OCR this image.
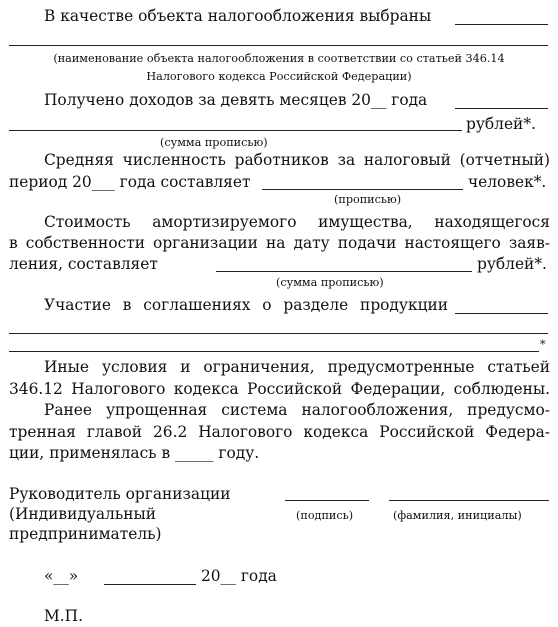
В качестве объекта налогообложения выбраны
(наименование объекта налогообложения в соответствии со статьей 346.14
Налогового кодекса Российской Федерации)
Получено доходов за девять месяцев 20__ года
рублей*.
(сумма прописью)
Средняя численность работников за налоговый (отчетный)
период 20___ года составляет	человек*.
(прописью)
Стоимость амортизируемого имущества, находящегося
в собственности организации на дату подачи настоящего заяв-
ления, составляет	рублей*.
(сумма прописью)
Участие в соглашениях о разделе продукции
*
Иные условия и ограничения, предусмотренные статьей
346.12 Налогового кодекса Российской Федерации, соблюдены.
Ранее упрощенная система налогообложения, предусмо-
тренная главой 26.2 Налогового кодекса Российской Федера-
ции, применялась в _____ году.
Руководитель организации
(Индивидуальный
предприниматель)
(подпись)	(фамилия, инициалы)
«__»	20__ года
М.П.
